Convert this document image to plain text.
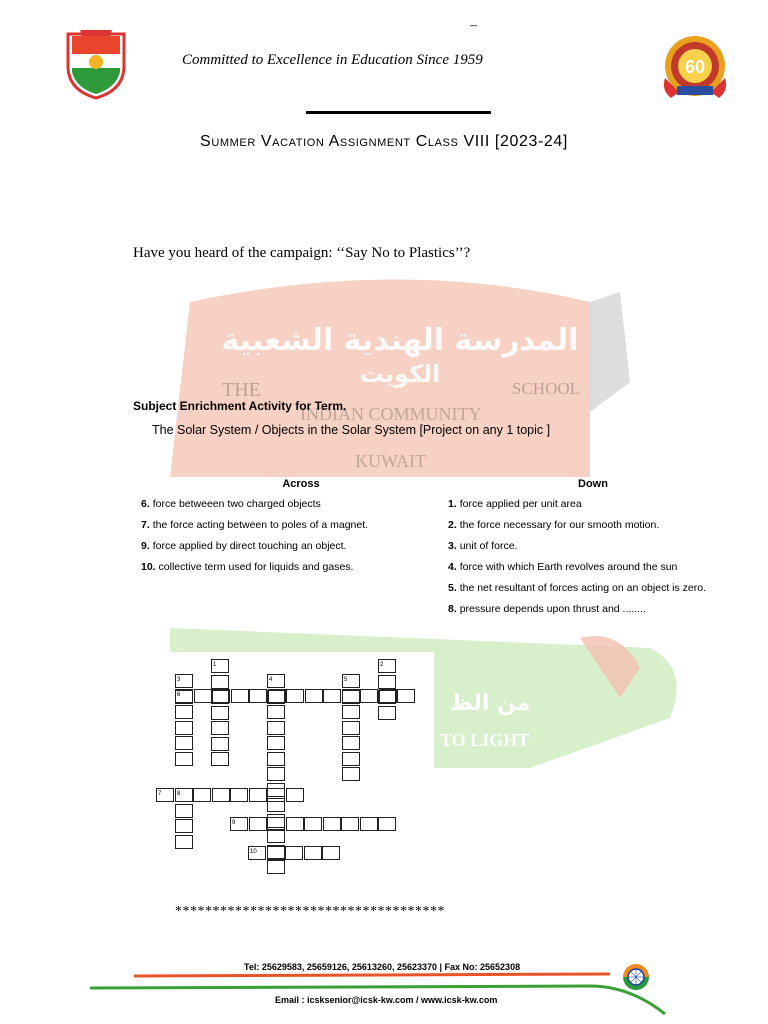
–
60
Committed to Excellence in Education Since 1959
Summer Vacation Assignment Class VIII [2023-24]
المدرسة الهندية الشعبية
الكويت
THE	SCHOOL
INDIAN COMMUNITY
KUWAIT
من الظ
TO LIGHT
Have you heard of the campaign: ‘‘Say No to Plastics’’?
Subject Enrichment Activity for Term.
The Solar System / Objects in the Solar System [Project on any 1 topic ]
Across
6. force betweeen two charged objects
7. the force acting between to poles of a magnet.
9. force applied by direct touching an object.
10. collective term used for liquids and gases.
Down
1. force applied per unit area
2. the force necessary for our smooth motion.
3. unit of force.
4. force with which Earth revolves around the sun
5. the net resultant of forces acting on an object is zero.
8. pressure depends upon thrust and ........
1	2
3	4	5
6
7	8
9
10
************************************
Tel: 25629583, 25659126, 25613260, 25623370 | Fax No: 25652308
Email : icsksenior@icsk-kw.com / www.icsk-kw.com
